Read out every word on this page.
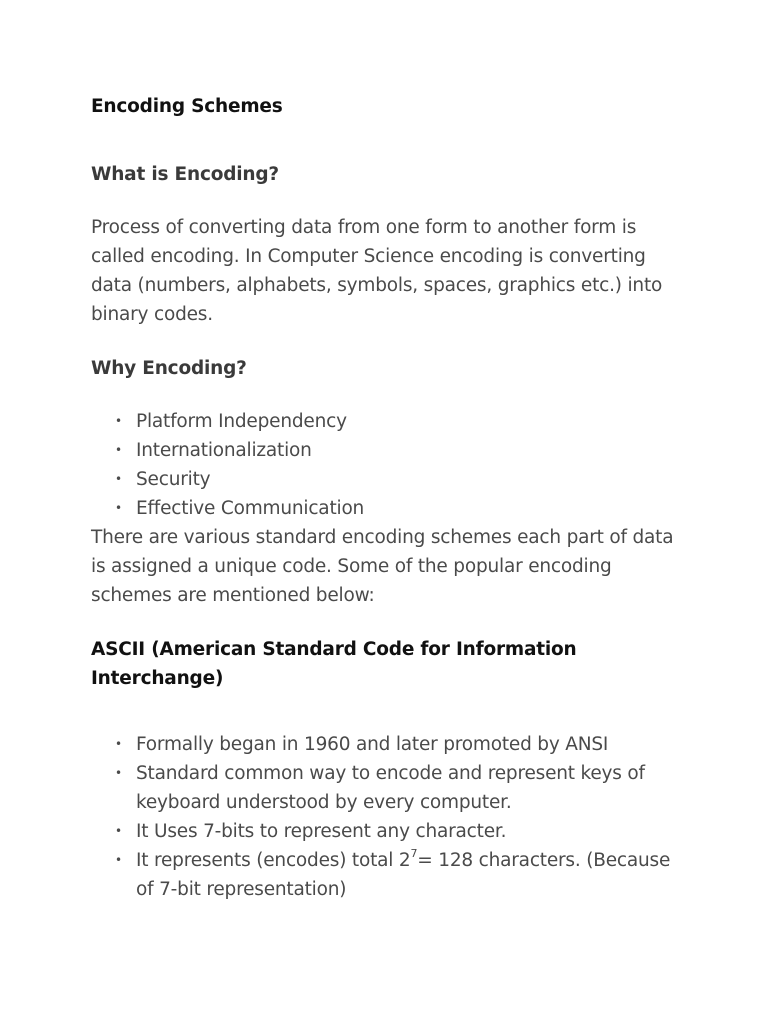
Encoding Schemes

What is Encoding?

Process of converting data from one form to another form is called encoding. In Computer Science encoding is converting data (numbers, alphabets, symbols, spaces, graphics etc.) into binary codes.

Why Encoding?

• Platform Independency
• Internationalization
• Security
• Effective Communication

There are various standard encoding schemes each part of data is assigned a unique code. Some of the popular encoding schemes are mentioned below:

ASCII (American Standard Code for Information Interchange)

• Formally began in 1960 and later promoted by ANSI
• Standard common way to encode and represent keys of keyboard understood by every computer.
• It Uses 7-bits to represent any character.
• It represents (encodes) total $2^7= 128$ characters. (Because of 7-bit representation)
